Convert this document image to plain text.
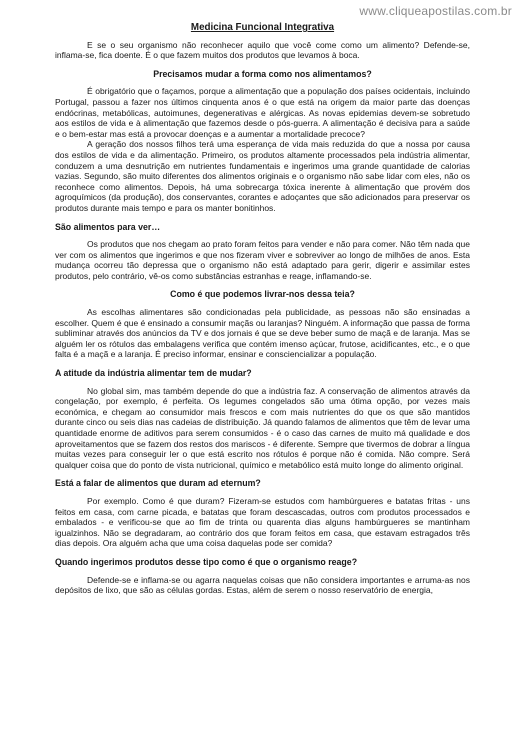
www.cliqueapostilas.com.br
Medicina Funcional Integrativa

E se o seu organismo não reconhecer aquilo que você come como um alimento? Defende-se, inflama-se, fica doente. É o que fazem muitos dos produtos que levamos à boca.

Precisamos mudar a forma como nos alimentamos?

É obrigatório que o façamos, porque a alimentação que a população dos países ocidentais, incluindo Portugal, passou a fazer nos últimos cinquenta anos é o que está na origem da maior parte das doenças endócrinas, metabólicas, autoimunes, degenerativas e alérgicas. As novas epidemias devem-se sobretudo aos estilos de vida e à alimentação que fazemos desde o pós-guerra. A alimentação é decisiva para a saúde e o bem-estar mas está a provocar doenças e a aumentar a mortalidade precoce?

A geração dos nossos filhos terá uma esperança de vida mais reduzida do que a nossa por causa dos estilos de vida e da alimentação. Primeiro, os produtos altamente processados pela indústria alimentar, conduzem a uma desnutrição em nutrientes fundamentais e ingerimos uma grande quantidade de calorias vazias. Segundo, são muito diferentes dos alimentos originais e o organismo não sabe lidar com eles, não os reconhece como alimentos. Depois, há uma sobrecarga tóxica inerente à alimentação que provém dos agroquímicos (da produção), dos conservantes, corantes e adoçantes que são adicionados para preservar os produtos durante mais tempo e para os manter bonitinhos.

São alimentos para ver…

Os produtos que nos chegam ao prato foram feitos para vender e não para comer. Não têm nada que ver com os alimentos que ingerimos e que nos fizeram viver e sobreviver ao longo de milhões de anos. Esta mudança ocorreu tão depressa que o organismo não está adaptado para gerir, digerir e assimilar estes produtos, pelo contrário, vê-os como substâncias estranhas e reage, inflamando-se.

Como é que podemos livrar-nos dessa teia?

As escolhas alimentares são condicionadas pela publicidade, as pessoas não são ensinadas a escolher. Quem é que é ensinado a consumir maçãs ou laranjas? Ninguém. A informação que passa de forma subliminar através dos anúncios da TV e dos jornais é que se deve beber sumo de maçã e de laranja. Mas se alguém ler os rótulos das embalagens verifica que contém imenso açúcar, frutose, acidificantes, etc., e o que falta é a maçã e a laranja. É preciso informar, ensinar e consciencializar a população.

A atitude da indústria alimentar tem de mudar?

No global sim, mas também depende do que a indústria faz. A conservação de alimentos através da congelação, por exemplo, é perfeita. Os legumes congelados são uma ótima opção, por vezes mais económica, e chegam ao consumidor mais frescos e com mais nutrientes do que os que são mantidos durante cinco ou seis dias nas cadeias de distribuição. Já quando falamos de alimentos que têm de levar uma quantidade enorme de aditivos para serem consumidos - é o caso das carnes de muito má qualidade e dos aproveitamentos que se fazem dos restos dos mariscos - é diferente. Sempre que tivermos de dobrar a língua muitas vezes para conseguir ler o que está escrito nos rótulos é porque não é comida. Não compre. Será qualquer coisa que do ponto de vista nutricional, químico e metabólico está muito longe do alimento original.

Está a falar de alimentos que duram ad eternum?

Por exemplo. Como é que duram? Fizeram-se estudos com hambúrgueres e batatas fritas - uns feitos em casa, com carne picada, e batatas que foram descascadas, outros com produtos processados e embalados - e verificou-se que ao fim de trinta ou quarenta dias alguns hambúrgueres se mantinham igualzinhos. Não se degradaram, ao contrário dos que foram feitos em casa, que estavam estragados três dias depois. Ora alguém acha que uma coisa daquelas pode ser comida?

Quando ingerimos produtos desse tipo como é que o organismo reage?

Defende-se e inflama-se ou agarra naquelas coisas que não considera importantes e arruma-as nos depósitos de lixo, que são as células gordas. Estas, além de serem o nosso reservatório de energia,
